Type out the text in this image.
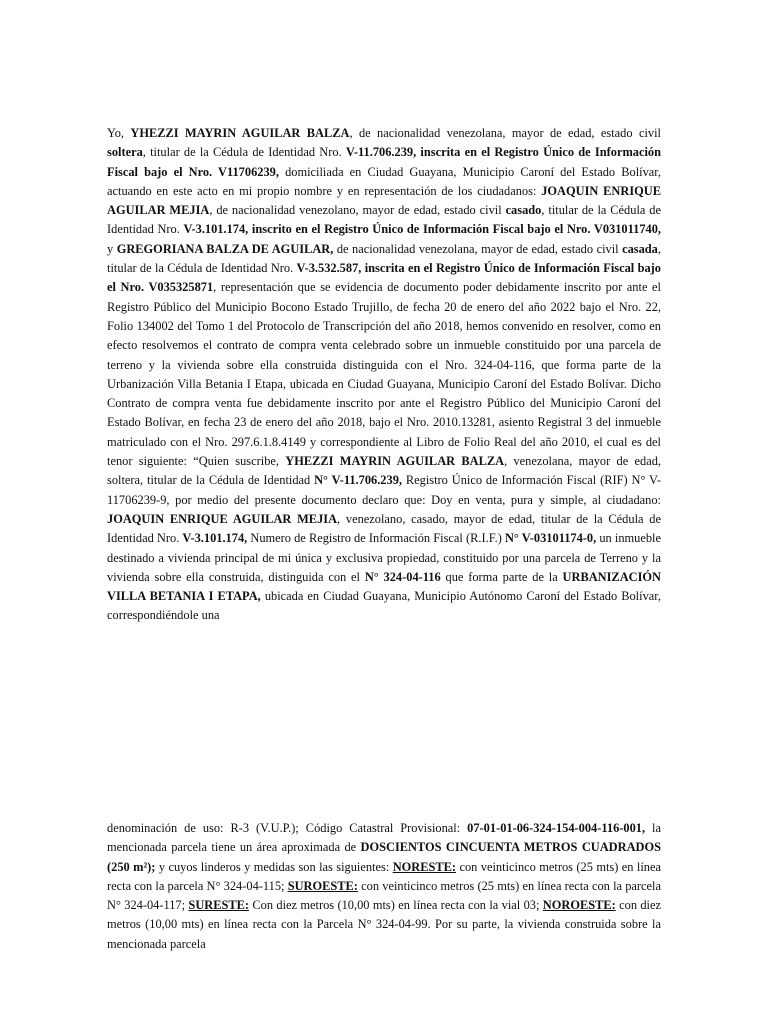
Yo, YHEZZI MAYRIN AGUILAR BALZA, de nacionalidad venezolana, mayor de edad, estado civil soltera, titular de la Cédula de Identidad Nro. V-11.706.239, inscrita en el Registro Único de Información Fiscal bajo el Nro. V11706239, domiciliada en Ciudad Guayana, Municipio Caroní del Estado Bolívar, actuando en este acto en mi propio nombre y en representación de los ciudadanos: JOAQUIN ENRIQUE AGUILAR MEJIA, de nacionalidad venezolano, mayor de edad, estado civil casado, titular de la Cédula de Identidad Nro. V-3.101.174, inscrito en el Registro Único de Información Fiscal bajo el Nro. V031011740, y GREGORIANA BALZA DE AGUILAR, de nacionalidad venezolana, mayor de edad, estado civil casada, titular de la Cédula de Identidad Nro. V-3.532.587, inscrita en el Registro Único de Información Fiscal bajo el Nro. V035325871, representación que se evidencia de documento poder debidamente inscrito por ante el Registro Público del Municipio Bocono Estado Trujillo, de fecha 20 de enero del año 2022 bajo el Nro. 22, Folio 134002 del Tomo 1 del Protocolo de Transcripción del año 2018, hemos convenido en resolver, como en efecto resolvemos el contrato de compra venta celebrado sobre un inmueble constituido por una parcela de terreno y la vivienda sobre ella construida distinguida con el Nro. 324-04-116, que forma parte de la Urbanización Villa Betania I Etapa, ubicada en Ciudad Guayana, Municipio Caroní del Estado Bolívar. Dicho Contrato de compra venta fue debidamente inscrito por ante el Registro Público del Municipio Caroní del Estado Bolívar, en fecha 23 de enero del año 2018, bajo el Nro. 2010.13281, asiento Registral 3 del inmueble matriculado con el Nro. 297.6.1.8.4149 y correspondiente al Libro de Folio Real del año 2010, el cual es del tenor siguiente: “Quien suscribe, YHEZZI MAYRIN AGUILAR BALZA, venezolana, mayor de edad, soltera, titular de la Cédula de Identidad N° V-11.706.239, Registro Único de Información Fiscal (RIF) N° V-11706239-9, por medio del presente documento declaro que: Doy en venta, pura y simple, al ciudadano: JOAQUIN ENRIQUE AGUILAR MEJIA, venezolano, casado, mayor de edad, titular de la Cédula de Identidad Nro. V-3.101.174, Numero de Registro de Información Fiscal (R.I.F.) N° V-03101174-0, un inmueble destinado a vivienda principal de mi única y exclusiva propiedad, constituido por una parcela de Terreno y la vivienda sobre ella construida, distinguida con el N° 324-04-116 que forma parte de la URBANIZACIÓN VILLA BETANIA I ETAPA, ubicada en Ciudad Guayana, Municipio Autónomo Caroní del Estado Bolívar, correspondiéndole una
denominación de uso: R-3 (V.U.P.); Código Catastral Provisional: 07-01-01-06-324-154-004-116-001, la mencionada parcela tiene un área aproximada de DOSCIENTOS CINCUENTA METROS CUADRADOS (250 m²); y cuyos linderos y medidas son las siguientes: NORESTE: con veinticinco metros (25 mts) en línea recta con la parcela N° 324-04-115; SUROESTE: con veinticinco metros (25 mts) en línea recta con la parcela N° 324-04-117; SURESTE: Con diez metros (10,00 mts) en línea recta con la vial 03; NOROESTE: con diez metros (10,00 mts) en línea recta con la Parcela N° 324-04-99. Por su parte, la vivienda construida sobre la mencionada parcela
